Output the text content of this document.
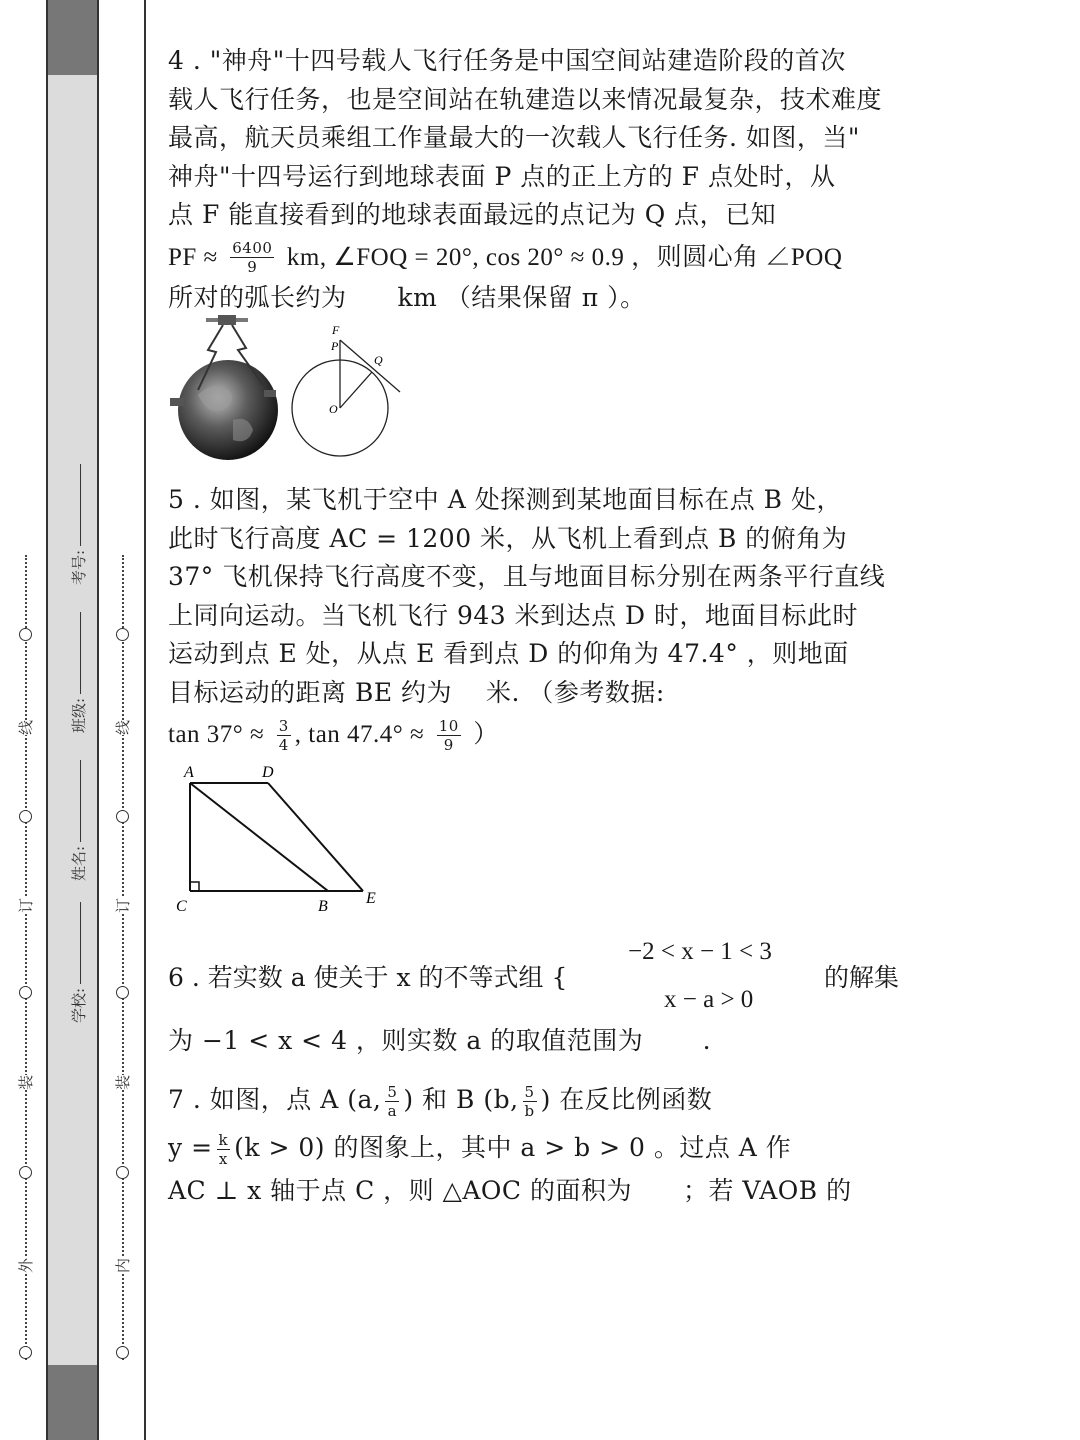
外
装
订
线
内
装
订
线
学校:
姓名:
班级:
考号:
4 . "神舟"十四号载人飞行任务是中国空间站建造阶段的首次
载人飞行任务，也是空间站在轨建造以来情况最复杂，技术难度
最高，航天员乘组工作量最大的一次载人飞行任务. 如图，当"
神舟"十四号运行到地球表面 P 点的正上方的 F 点处时，从
点 F 能直接看到的地球表面最远的点记为 Q 点，已知
PF ≈ $\frac{6400}{9}$ km, ∠FOQ = 20°, cos 20° ≈ 0.9 ，则圆心角 ∠POQ
所对的弧长约为　　km （结果保留 π ）。
F
P
Q
O
5 . 如图，某飞机于空中 A 处探测到某地面目标在点 B 处，
此时飞行高度 AC = 1200 米，从飞机上看到点 B 的俯角为
37° 飞机保持飞行高度不变，且与地面目标分别在两条平行直线
上同向运动。当飞机飞行 943 米到达点 D 时，地面目标此时
运动到点 E 处，从点 E 看到点 D 的仰角为 47.4° ，则地面
目标运动的距离 BE 约为　 米. （参考数据:
$\tan 37^\circ \approx \frac{3}{4}$ , $\tan 47.4^\circ \approx \frac{10}{9}$ ）
A	D
C	B E
6 . 若实数 a 使关于 x 的不等式组 {
−2 < x − 1 < 3
x − a > 0
的解集
为 −1 < x < 4 ，则实数 a 的取值范围为　　 .
7 . 如图，点 A (a, $\frac{5}{a}$ ) 和 B (b, $\frac{5}{b}$ ) 在反比例函数
$y = \frac{k}{x} (k > 0)$ 的图象上，其中 a > b > 0 。过点 A 作
AC ⊥ x 轴于点 C ，则 △AOC 的面积为　　；若 VAOB 的
